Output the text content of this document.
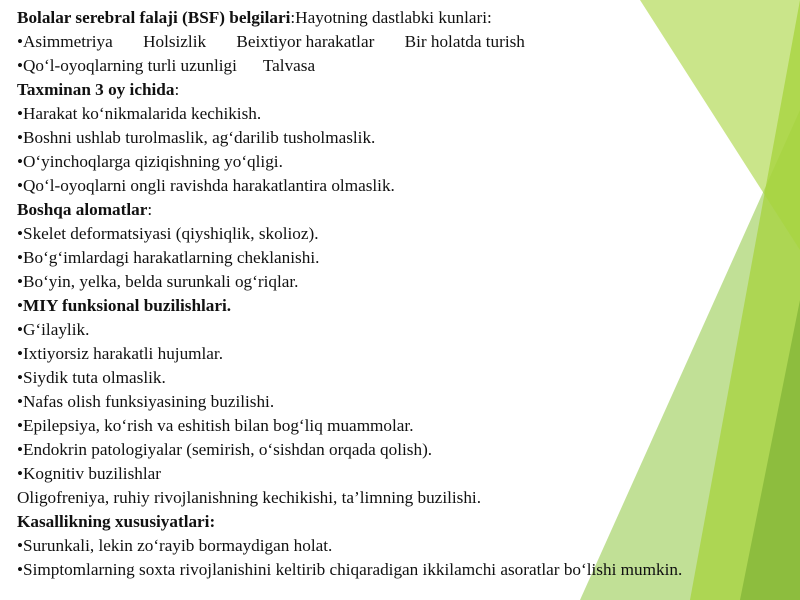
Bolalar serebral falaji (BSF) belgilari:Hayotning dastlabki kunlari:
•Asimmetriya Holsizlik Beixtiyor harakatlar Bir holatda turish
•Qo‘l-oyoqlarning turli uzunligi Talvasa
Taxminan 3 oy ichida:
•Harakat ko‘nikmalarida kechikish.
•Boshni ushlab turolmaslik, ag‘darilib tusholmaslik.
•O‘yinchoqlarga qiziqishning yo‘qligi.
•Qo‘l-oyoqlarni ongli ravishda harakatlantira olmaslik.
Boshqa alomatlar:
•Skelet deformatsiyasi (qiyshiqlik, skolioz).
•Bo‘g‘imlardagi harakatlarning cheklanishi.
•Bo‘yin, yelka, belda surunkali og‘riqlar.
•MIY funksional buzilishlari.
•G‘ilaylik.
•Ixtiyorsiz harakatli hujumlar.
•Siydik tuta olmaslik.
•Nafas olish funksiyasining buzilishi.
•Epilepsiya, ko‘rish va eshitish bilan bog‘liq muammolar.
•Endokrin patologiyalar (semirish, o‘sishdan orqada qolish).
•Kognitiv buzilishlar
Oligofreniya, ruhiy rivojlanishning kechikishi, ta’limning buzilishi.
Kasallikning xususiyatlari:
•Surunkali, lekin zo‘rayib bormaydigan holat.
•Simptomlarning soxta rivojlanishini keltirib chiqaradigan ikkilamchi asoratlar bo‘lishi mumkin.
